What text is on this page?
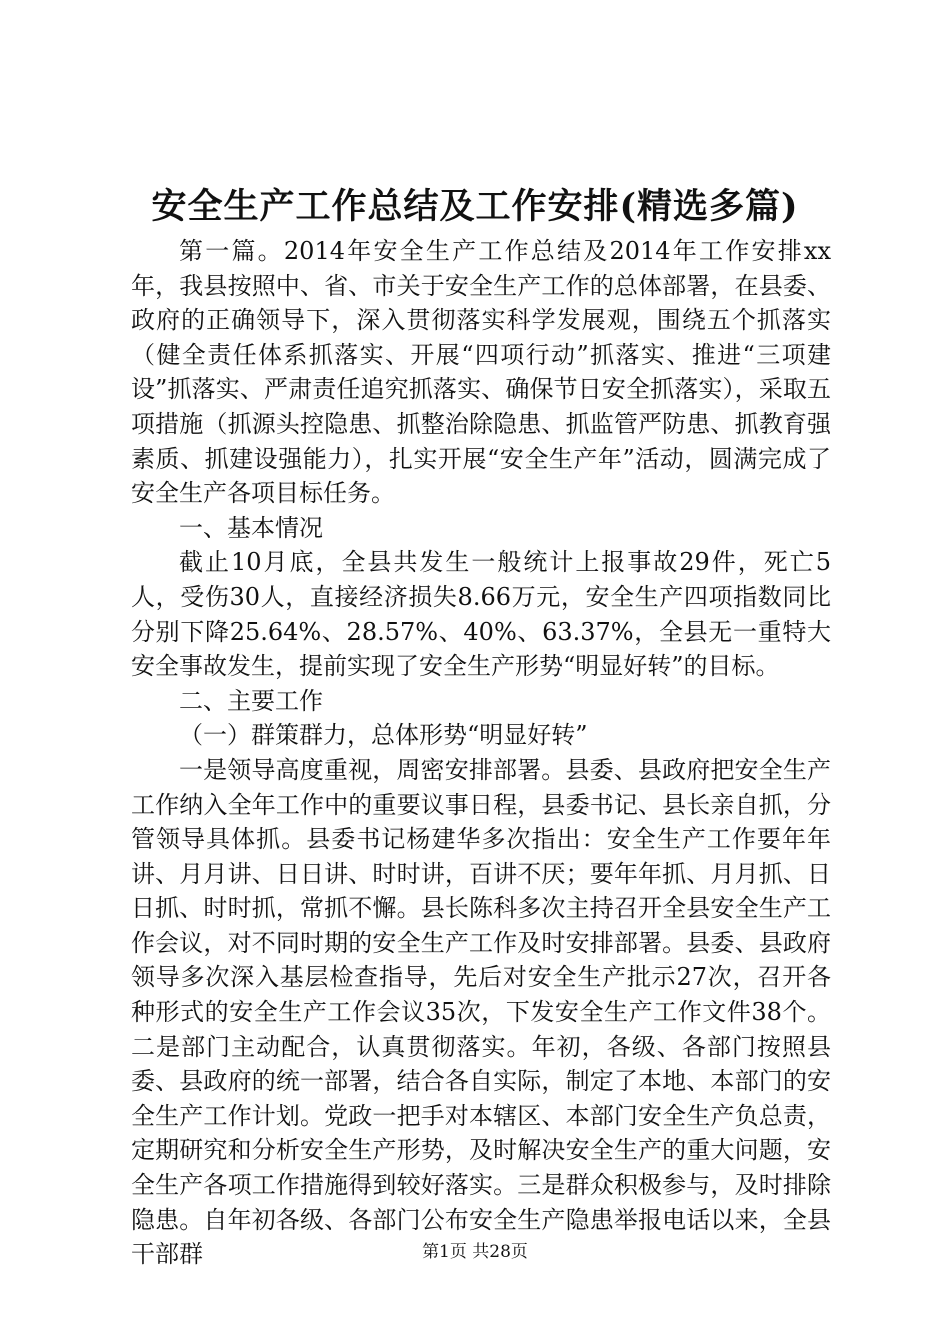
安全生产工作总结及工作安排(精选多篇)

第一篇。2014年安全生产工作总结及2014年工作安排xx年，我县按照中、省、市关于安全生产工作的总体部署，在县委、政府的正确领导下，深入贯彻落实科学发展观，围绕五个抓落实（健全责任体系抓落实、开展“四项行动”抓落实、推进“三项建设”抓落实、严肃责任追究抓落实、确保节日安全抓落实），采取五项措施（抓源头控隐患、抓整治除隐患、抓监管严防患、抓教育强素质、抓建设强能力），扎实开展“安全生产年”活动，圆满完成了安全生产各项目标任务。

一、基本情况

截止10月底，全县共发生一般统计上报事故29件，死亡5人，受伤30人，直接经济损失8.66万元，安全生产四项指数同比分别下降25.64%、28.57%、40%、63.37%，全县无一重特大安全事故发生，提前实现了安全生产形势“明显好转”的目标。

二、主要工作

（一）群策群力，总体形势“明显好转”

一是领导高度重视，周密安排部署。县委、县政府把安全生产工作纳入全年工作中的重要议事日程，县委书记、县长亲自抓，分管领导具体抓。县委书记杨建华多次指出：安全生产工作要年年讲、月月讲、日日讲、时时讲，百讲不厌；要年年抓、月月抓、日日抓、时时抓，常抓不懈。县长陈科多次主持召开全县安全生产工作会议，对不同时期的安全生产工作及时安排部署。县委、县政府领导多次深入基层检查指导，先后对安全生产批示27次，召开各种形式的安全生产工作会议35次，下发安全生产工作文件38个。二是部门主动配合，认真贯彻落实。年初，各级、各部门按照县委、县政府的统一部署，结合各自实际，制定了本地、本部门的安全生产工作计划。党政一把手对本辖区、本部门安全生产负总责，定期研究和分析安全生产形势，及时解决安全生产的重大问题，安全生产各项工作措施得到较好落实。三是群众积极参与，及时排除隐患。自年初各级、各部门公布安全生产隐患举报电话以来，全县干部群	第1页 共28页
